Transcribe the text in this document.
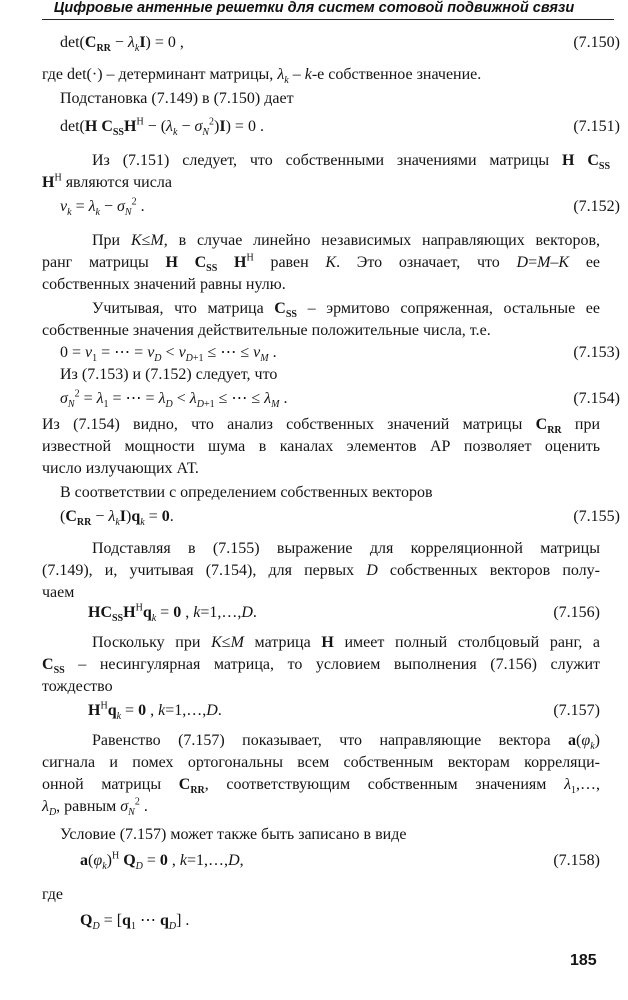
Цифровые антенные решетки для систем сотовой подвижной связи
$\det(C_{RR} - \lambda_kI) = 0$ ,	(7.150)
где det(·) – детерминант матрицы, $\lambda_k - k-е$ собственное значение.
Подстановка (7.149) в (7.150) дает
det(H $C_{SS}H^H - (\lambda_k - \sigma_N^2)I) = 0$ .	(7.151)
Из (7.151) следует, что собственными значениями матрицы H $C_{SS}$
$H^H$ являются числа
$\nu_k = \lambda_k - \sigma_N^2$ .	(7.152)
При K≤M, в случае линейно независимых направляющих векторов,
ранг матрицы H $C_{SS}$ $H^H$ равен K. Это означает, что D=M–K ее
собственных значений равны нулю.
Учитывая, что матрица $C_{SS}$ – эрмитово сопряженная, остальные ее
собственные значения действительные положительные числа, т.е.
$0 = \nu_1$ = ⋯ = $\nu_D < \nu_{D+1}$ ≤ ⋯ ≤ $\nu_M$ .	(7.153)
Из (7.153) и (7.152) следует, что
$\sigma_N^2 = \lambda_1$ = ⋯ = $\lambda_D < \lambda_{D+1}$ ≤ ⋯ ≤ $\lambda_M$ .	(7.154)
Из (7.154) видно, что анализ собственных значений матрицы $C_{RR}$ при
известной мощности шума в каналах элементов АР позволяет оценить
число излучающих АТ.
В соответствии с определением собственных векторов
$(C_{RR} - \lambda_kI)q_k = 0$.	(7.155)
Подставляя в (7.155) выражение для корреляционной матрицы
(7.149), и, учитывая (7.154), для первых D собственных векторов полу-
чаем
$HC_{SS}H^Hq_k = 0$ , k=1,…,D.	(7.156)
Поскольку при K≤M матрица H имеет полный столбцовый ранг, а
$C_{SS}$ – несингулярная матрица, то условием выполнения (7.156) служит
тождество
$H^Hq_k = 0$ , k=1,…,D.	(7.157)
Равенство (7.157) показывает, что направляющие вектора $a(\varphi_k)$
сигнала и помех ортогональны всем собственным векторам корреляци-
онной матрицы $C_{RR}$, соответствующим собственным значениям $\lambda_1,\dots$,
$\lambda_D$, равным $\sigma_N^2$ .
Условие (7.157) может также быть записано в виде
$a(\varphi_k)^H$ $Q_D = 0$ , k=1,…,D,	(7.158)
где
$Q_D = [q_1$ ⋯ $q_D$] .
185
